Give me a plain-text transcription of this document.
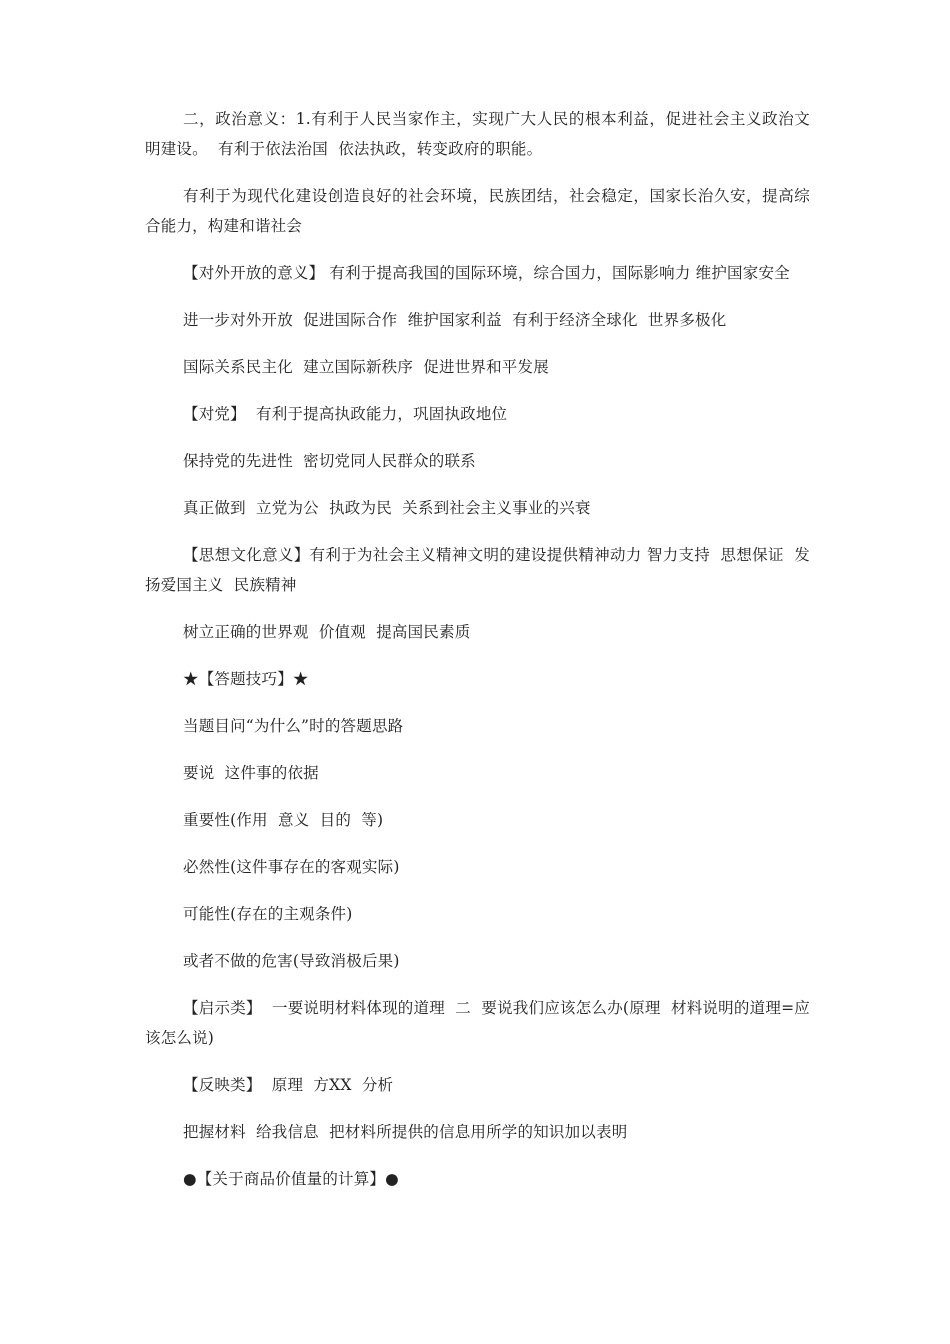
二，政治意义：1.有利于人民当家作主，实现广大人民的根本利益，促进社会主义政治文明建设。  有利于依法治国  依法执政，转变政府的职能。

有利于为现代化建设创造良好的社会环境，民族团结，社会稳定，国家长治久安，提高综合能力，构建和谐社会

【对外开放的意义】 有利于提高我国的国际环境，综合国力，国际影响力 维护国家安全

进一步对外开放  促进国际合作  维护国家利益  有利于经济全球化  世界多极化

国际关系民主化  建立国际新秩序  促进世界和平发展

【对党】  有利于提高执政能力，巩固执政地位

保持党的先进性  密切党同人民群众的联系

真正做到  立党为公  执政为民  关系到社会主义事业的兴衰

【思想文化意义】有利于为社会主义精神文明的建设提供精神动力 智力支持  思想保证  发扬爱国主义  民族精神

树立正确的世界观  价值观  提高国民素质

★【答题技巧】★

当题目问“为什么”时的答题思路

要说  这件事的依据

重要性(作用  意义  目的  等)

必然性(这件事存在的客观实际)

可能性(存在的主观条件)

或者不做的危害(导致消极后果)

【启示类】  一要说明材料体现的道理  二  要说我们应该怎么办(原理  材料说明的道理=应该怎么说)

【反映类】  原理  方XX  分析

把握材料  给我信息  把材料所提供的信息用所学的知识加以表明

●【关于商品价值量的计算】●
